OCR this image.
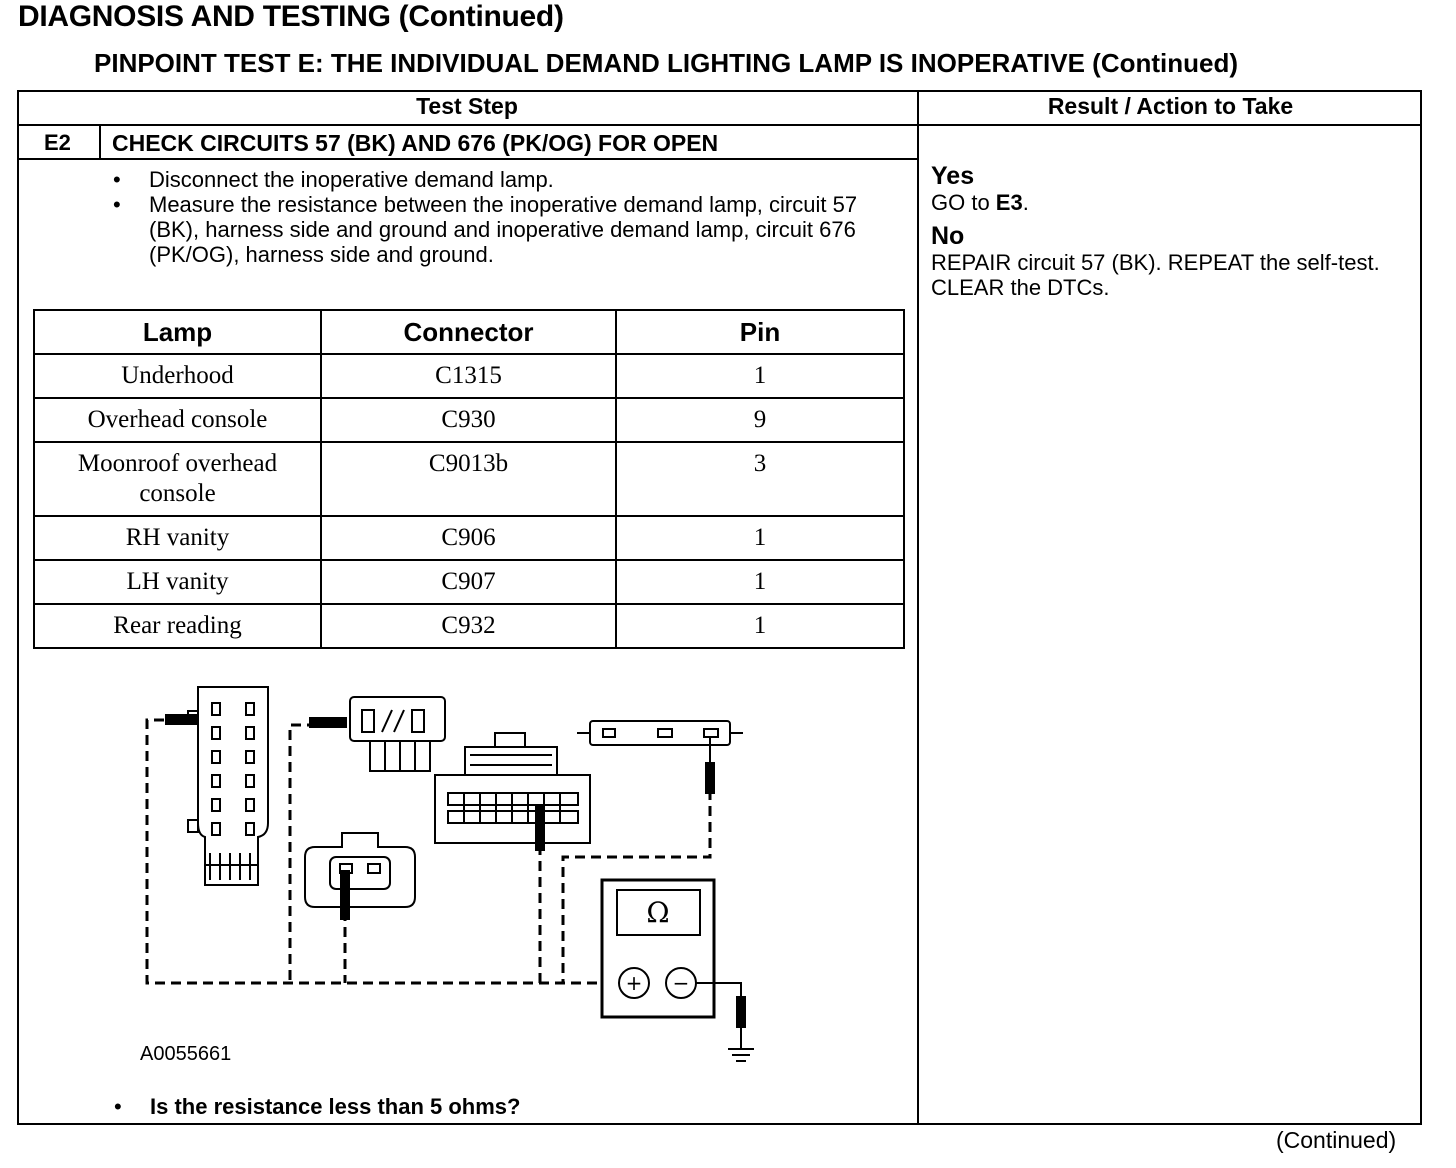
DIAGNOSIS AND TESTING (Continued)
PINPOINT TEST E: THE INDIVIDUAL DEMAND LIGHTING LAMP IS INOPERATIVE (Continued)
Test Step	Result / Action to Take
E2 CHECK CIRCUITS 57 (BK) AND 676 (PK/OG) FOR OPEN
• Disconnect the inoperative demand lamp.
• Measure the resistance between the inoperative demand lamp, circuit 57 (BK), harness side and ground and inoperative demand lamp, circuit 676 (PK/OG), harness side and ground.
Yes
GO to E3.
No
REPAIR circuit 57 (BK). REPEAT the self-test. CLEAR the DTCs.
Lamp	Connector	Pin
Underhood	C1315	1
Overhead console	C930	9
Moonroof overhead console	C9013b	3
RH vanity	C906	1
LH vanity	C907	1
Rear reading	C932	1
Ω
+ −
A0055661
• Is the resistance less than 5 ohms?
(Continued)
